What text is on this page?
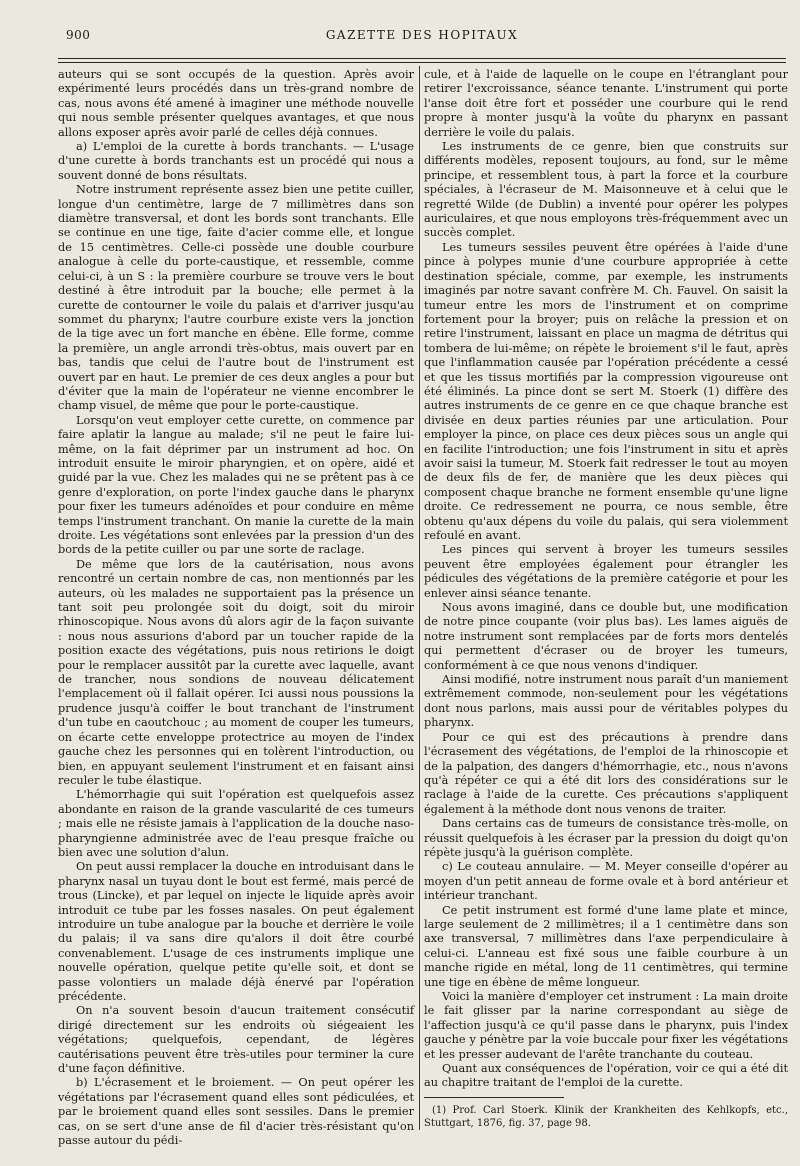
900	GAZETTE DES HOPITAUX

auteurs qui se sont occupés de la question. Après avoir expérimenté leurs procédés dans un très-grand nombre de cas, nous avons été amené à imaginer une méthode nouvelle qui nous semble présenter quelques avantages, et que nous allons exposer après avoir parlé de celles déjà connues.

a) L'emploi de la curette à bords tranchants. — L'usage d'une curette à bords tranchants est un procédé qui nous a souvent donné de bons résultats.

Notre instrument représente assez bien une petite cuiller, longue d'un centimètre, large de 7 millimètres dans son diamètre transversal, et dont les bords sont tranchants. Elle se continue en une tige, faite d'acier comme elle, et longue de 15 centimètres. Celle-ci possède une double courbure analogue à celle du porte-caustique, et ressemble, comme celui-ci, à un S : la première courbure se trouve vers le bout destiné à être introduit par la bouche; elle permet à la curette de contourner le voile du palais et d'arriver jusqu'au sommet du pharynx; l'autre courbure existe vers la jonction de la tige avec un fort manche en ébène. Elle forme, comme la première, un angle arrondi très-obtus, mais ouvert par en bas, tandis que celui de l'autre bout de l'instrument est ouvert par en haut. Le premier de ces deux angles a pour but d'éviter que la main de l'opérateur ne vienne encombrer le champ visuel, de même que pour le porte-caustique.

Lorsqu'on veut employer cette curette, on commence par faire aplatir la langue au malade; s'il ne peut le faire lui-même, on la fait déprimer par un instrument ad hoc. On introduit ensuite le miroir pharyngien, et on opère, aidé et guidé par la vue. Chez les malades qui ne se prêtent pas à ce genre d'exploration, on porte l'index gauche dans le pharynx pour fixer les tumeurs adénoïdes et pour conduire en même temps l'instrument tranchant. On manie la curette de la main droite. Les végétations sont enlevées par la pression d'un des bords de la petite cuiller ou par une sorte de raclage.

De même que lors de la cautérisation, nous avons rencontré un certain nombre de cas, non mentionnés par les auteurs, où les malades ne supportaient pas la présence un tant soit peu prolongée soit du doigt, soit du miroir rhinoscopique. Nous avons dû alors agir de la façon suivante : nous nous assurions d'abord par un toucher rapide de la position exacte des végétations, puis nous retirions le doigt pour le remplacer aussitôt par la curette avec laquelle, avant de trancher, nous sondions de nouveau délicatement l'emplacement où il fallait opérer. Ici aussi nous poussions la prudence jusqu'à coiffer le bout tranchant de l'instrument d'un tube en caoutchouc ; au moment de couper les tumeurs, on écarte cette enveloppe protectrice au moyen de l'index gauche chez les personnes qui en tolèrent l'introduction, ou bien, en appuyant seulement l'instrument et en faisant ainsi reculer le tube élastique.

L'hémorrhagie qui suit l'opération est quelquefois assez abondante en raison de la grande vascularité de ces tumeurs ; mais elle ne résiste jamais à l'application de la douche naso-pharyngienne administrée avec de l'eau presque fraîche ou bien avec une solution d'alun.

On peut aussi remplacer la douche en introduisant dans le pharynx nasal un tuyau dont le bout est fermé, mais percé de trous (Lincke), et par lequel on injecte le liquide après avoir introduit ce tube par les fosses nasales. On peut également introduire un tube analogue par la bouche et derrière le voile du palais; il va sans dire qu'alors il doit être courbé convenablement. L'usage de ces instruments implique une nouvelle opération, quelque petite qu'elle soit, et dont se passe volontiers un malade déjà énervé par l'opération précédente.

On n'a souvent besoin d'aucun traitement consécutif dirigé directement sur les endroits où siégeaient les végétations; quelquefois, cependant, de légères cautérisations peuvent être très-utiles pour terminer la cure d'une façon définitive.

b) L'écrasement et le broiement. — On peut opérer les végétations par l'écrasement quand elles sont pédiculées, et par le broiement quand elles sont sessiles. Dans le premier cas, on se sert d'une anse de fil d'acier très-résistant qu'on passe autour du pédi-

cule, et à l'aide de laquelle on le coupe en l'étranglant pour retirer l'excroissance, séance tenante. L'instrument qui porte l'anse doit être fort et posséder une courbure qui le rend propre à monter jusqu'à la voûte du pharynx en passant derrière le voile du palais.

Les instruments de ce genre, bien que construits sur différents modèles, reposent toujours, au fond, sur le même principe, et ressemblent tous, à part la force et la courbure spéciales, à l'écraseur de M. Maisonneuve et à celui que le regretté Wilde (de Dublin) a inventé pour opérer les polypes auriculaires, et que nous employons très-fréquemment avec un succès complet.

Les tumeurs sessiles peuvent être opérées à l'aide d'une pince à polypes munie d'une courbure appropriée à cette destination spéciale, comme, par exemple, les instruments imaginés par notre savant confrère M. Ch. Fauvel. On saisit la tumeur entre les mors de l'instrument et on comprime fortement pour la broyer; puis on relâche la pression et on retire l'instrument, laissant en place un magma de détritus qui tombera de lui-même; on répète le broiement s'il le faut, après que l'inflammation causée par l'opération précédente a cessé et que les tissus mortifiés par la compression vigoureuse ont été éliminés. La pince dont se sert M. Stoerk (1) diffère des autres instruments de ce genre en ce que chaque branche est divisée en deux parties réunies par une articulation. Pour employer la pince, on place ces deux pièces sous un angle qui en facilite l'introduction; une fois l'instrument in situ et après avoir saisi la tumeur, M. Stoerk fait redresser le tout au moyen de deux fils de fer, de manière que les deux pièces qui composent chaque branche ne forment ensemble qu'une ligne droite. Ce redressement ne pourra, ce nous semble, être obtenu qu'aux dépens du voile du palais, qui sera violemment refoulé en avant.

Les pinces qui servent à broyer les tumeurs sessiles peuvent être employées également pour étrangler les pédicules des végétations de la première catégorie et pour les enlever ainsi séance tenante.

Nous avons imaginé, dans ce double but, une modification de notre pince coupante (voir plus bas). Les lames aiguës de notre instrument sont remplacées par de forts mors dentelés qui permettent d'écraser ou de broyer les tumeurs, conformément à ce que nous venons d'indiquer.

Ainsi modifié, notre instrument nous paraît d'un maniement extrêmement commode, non-seulement pour les végétations dont nous parlons, mais aussi pour de véritables polypes du pharynx.

Pour ce qui est des précautions à prendre dans l'écrasement des végétations, de l'emploi de la rhinoscopie et de la palpation, des dangers d'hémorrhagie, etc., nous n'avons qu'à répéter ce qui a été dit lors des considérations sur le raclage à l'aide de la curette. Ces précautions s'appliquent également à la méthode dont nous venons de traiter.

Dans certains cas de tumeurs de consistance très-molle, on réussit quelquefois à les écraser par la pression du doigt qu'on répète jusqu'à la guérison complète.

c) Le couteau annulaire. — M. Meyer conseille d'opérer au moyen d'un petit anneau de forme ovale et à bord antérieur et intérieur tranchant.

Ce petit instrument est formé d'une lame plate et mince, large seulement de 2 millimètres; il a 1 centimètre dans son axe transversal, 7 millimètres dans l'axe perpendiculaire à celui-ci. L'anneau est fixé sous une faible courbure à un manche rigide en métal, long de 11 centimètres, qui termine une tige en ébène de même longueur.

Voici la manière d'employer cet instrument : La main droite le fait glisser par la narine correspondant au siège de l'affection jusqu'à ce qu'il passe dans le pharynx, puis l'index gauche y pénètre par la voie buccale pour fixer les végétations et les presser audevant de l'arête tranchante du couteau.

Quant aux conséquences de l'opération, voir ce qui a été dit au chapitre traitant de l'emploi de la curette.

(1) Prof. Carl Stoerk. Klinik der Krankheiten des Kehlkopfs, etc., Stuttgart, 1876, fig. 37, page 98.
